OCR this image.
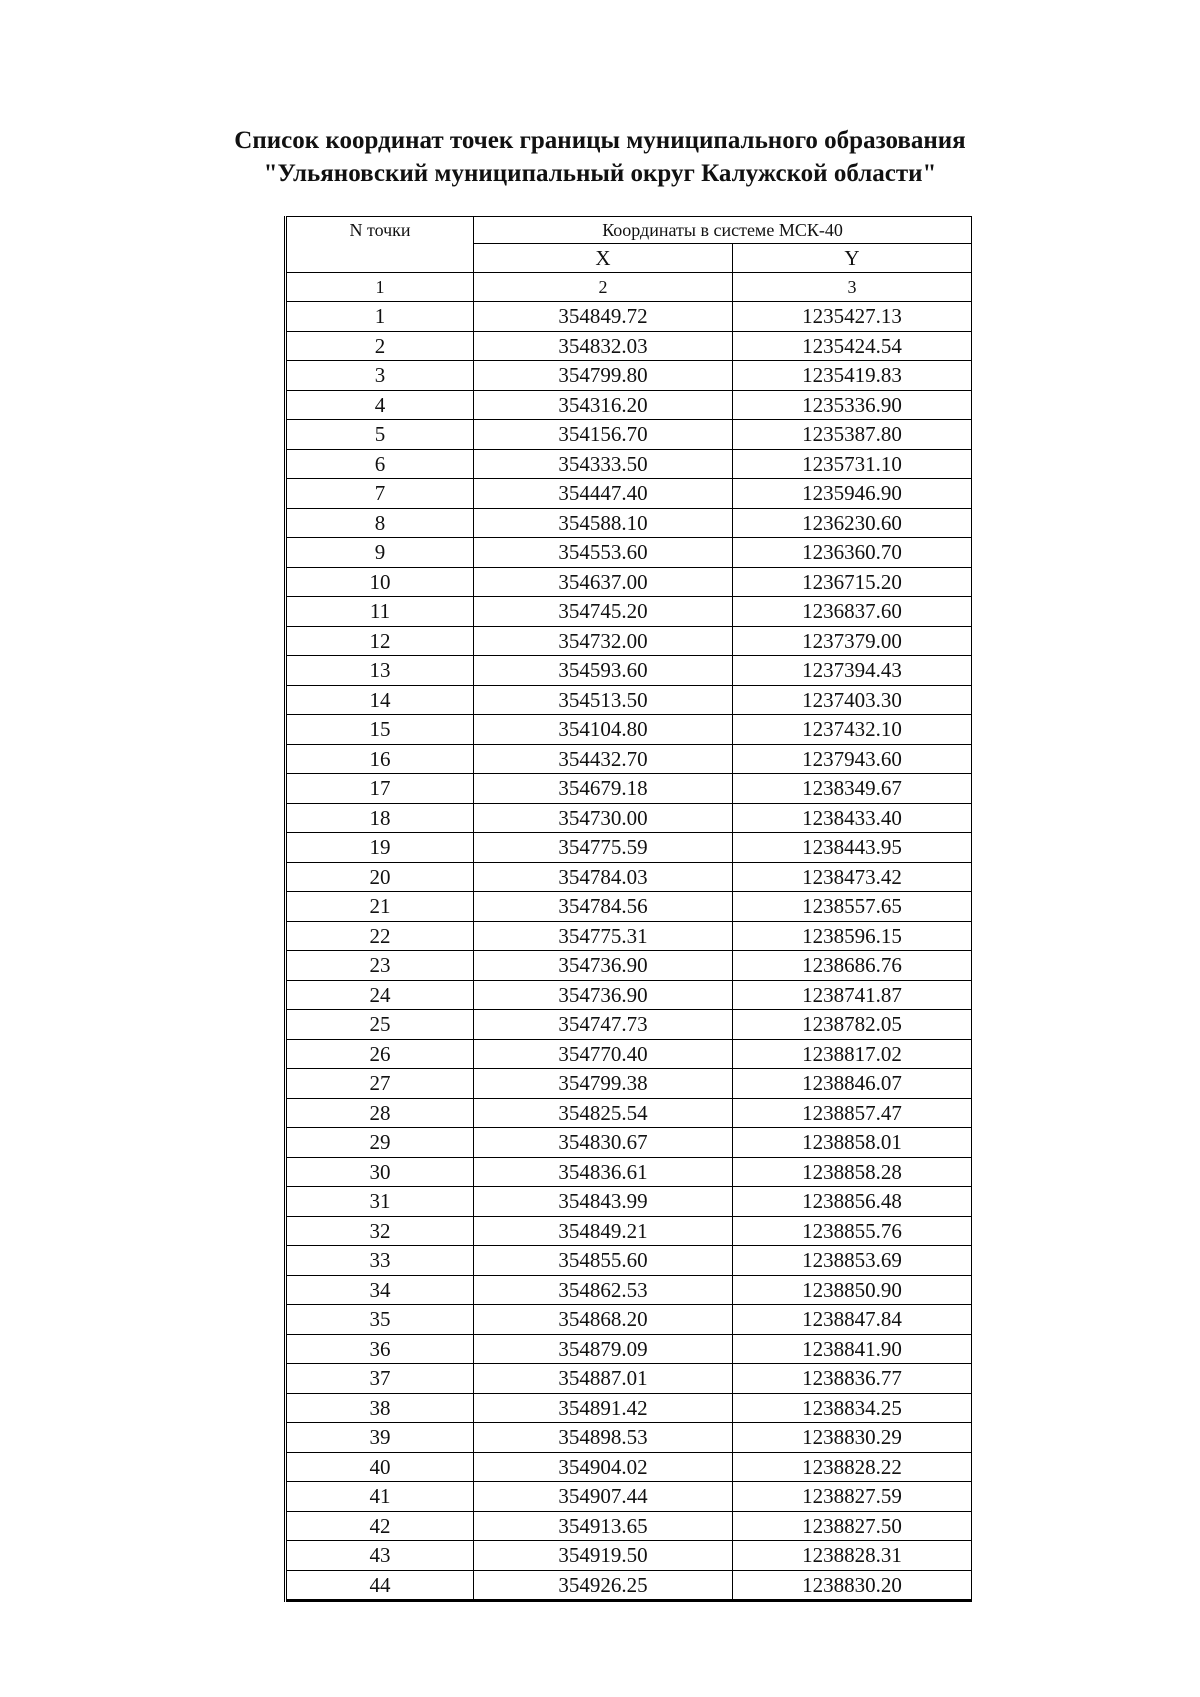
Список координат точек границы муниципального образования
"Ульяновский муниципальный округ Калужской области"
N точки	Координаты в системе МСК-40	
	X	Y
1	2	3
1	354849.72	1235427.13
2	354832.03	1235424.54
3	354799.80	1235419.83
4	354316.20	1235336.90
5	354156.70	1235387.80
6	354333.50	1235731.10
7	354447.40	1235946.90
8	354588.10	1236230.60
9	354553.60	1236360.70
10	354637.00	1236715.20
11	354745.20	1236837.60
12	354732.00	1237379.00
13	354593.60	1237394.43
14	354513.50	1237403.30
15	354104.80	1237432.10
16	354432.70	1237943.60
17	354679.18	1238349.67
18	354730.00	1238433.40
19	354775.59	1238443.95
20	354784.03	1238473.42
21	354784.56	1238557.65
22	354775.31	1238596.15
23	354736.90	1238686.76
24	354736.90	1238741.87
25	354747.73	1238782.05
26	354770.40	1238817.02
27	354799.38	1238846.07
28	354825.54	1238857.47
29	354830.67	1238858.01
30	354836.61	1238858.28
31	354843.99	1238856.48
32	354849.21	1238855.76
33	354855.60	1238853.69
34	354862.53	1238850.90
35	354868.20	1238847.84
36	354879.09	1238841.90
37	354887.01	1238836.77
38	354891.42	1238834.25
39	354898.53	1238830.29
40	354904.02	1238828.22
41	354907.44	1238827.59
42	354913.65	1238827.50
43	354919.50	1238828.31
44	354926.25	1238830.20
